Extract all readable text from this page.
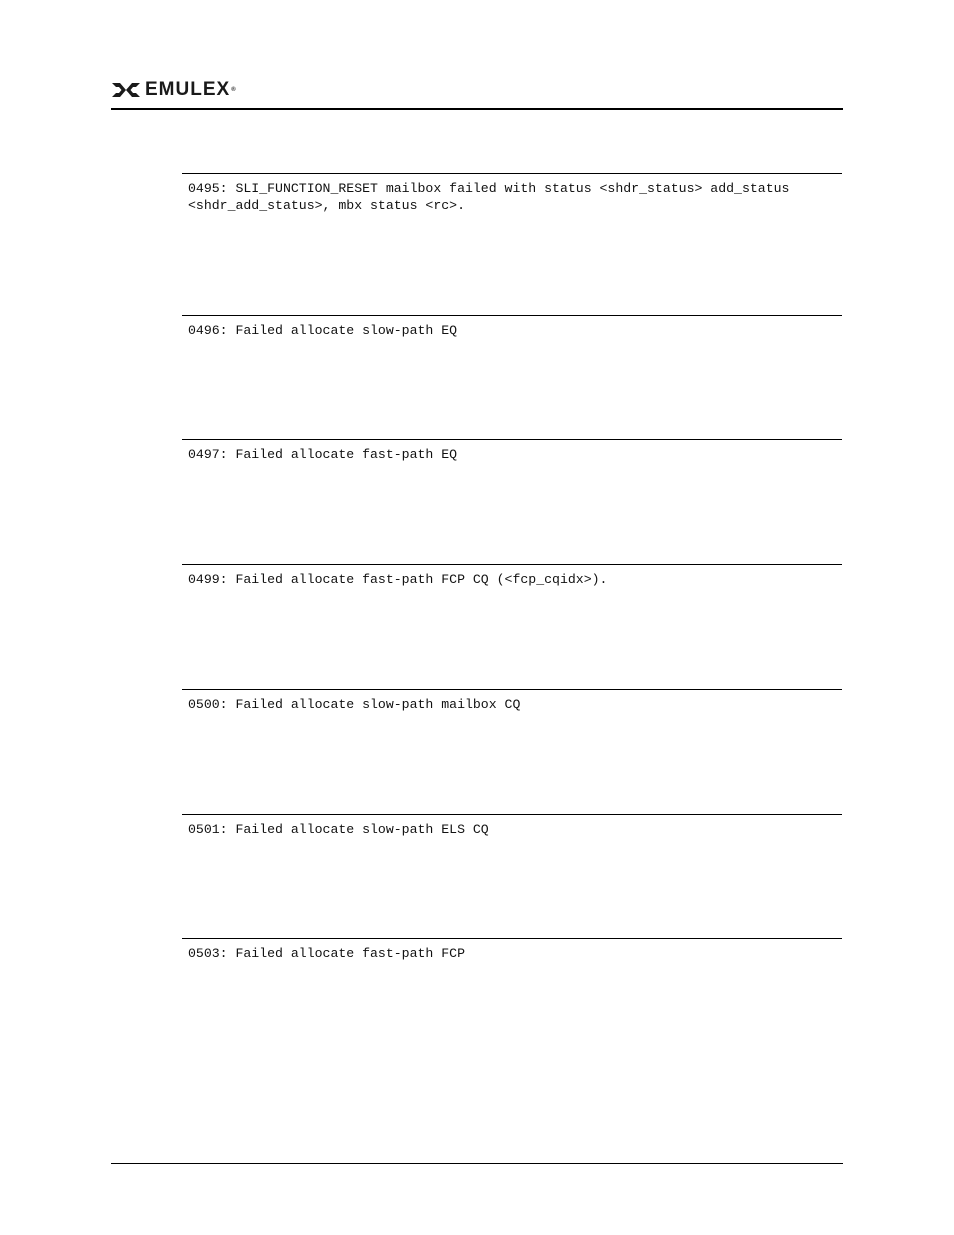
EMULEX®
0495: SLI_FUNCTION_RESET mailbox failed with status <shdr_status> add_status
<shdr_add_status>, mbx status <rc>.
0496: Failed allocate slow-path EQ
0497: Failed allocate fast-path EQ
0499: Failed allocate fast-path FCP CQ (<fcp_cqidx>).
0500: Failed allocate slow-path mailbox CQ
0501: Failed allocate slow-path ELS CQ
0503: Failed allocate fast-path FCP
